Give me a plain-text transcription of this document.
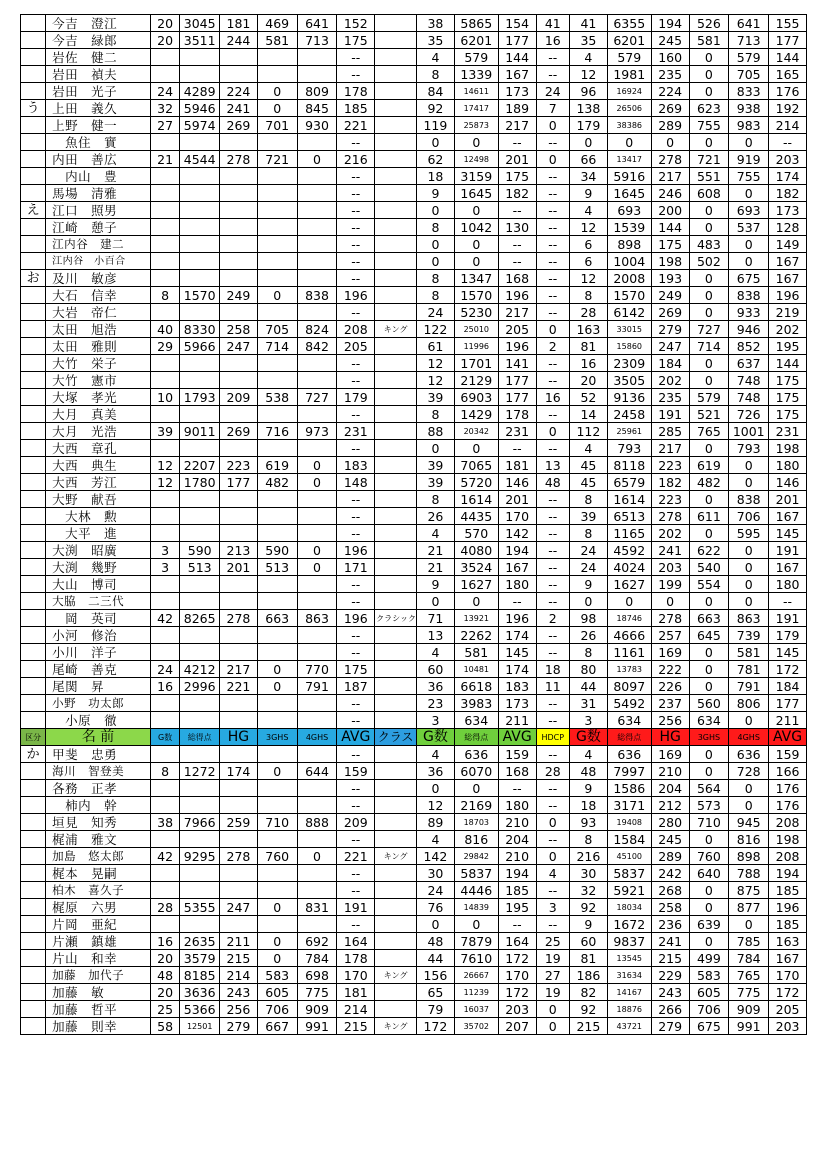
	今吉　澄江	20	3045	181	469	641	152		38	5865	154	41	41	6355	194	526	641	155
	今吉　緑郎	20	3511	244	581	713	175		35	6201	177	16	35	6201	245	581	713	177
	岩佐　健二						--		4	579	144	--	4	579	160	0	579	144
	岩田　禎夫						--		8	1339	167	--	12	1981	235	0	705	165
	岩田　光子	24	4289	224	0	809	178		84	14611	173	24	96	16924	224	0	833	176
う	上田　義久	32	5946	241	0	845	185		92	17417	189	7	138	26506	269	623	938	192
	上野　健一	27	5974	269	701	930	221		119	25873	217	0	179	38386	289	755	983	214
	　魚住　實						--		0	0	--	--	0	0	0	0	0	--
	内田　善広	21	4544	278	721	0	216		62	12498	201	0	66	13417	278	721	919	203
	　内山　豊						--		18	3159	175	--	34	5916	217	551	755	174
	馬場　清雅						--		9	1645	182	--	9	1645	246	608	0	182
え	江口　照男						--		0	0	--	--	4	693	200	0	693	173
	江崎　憩子						--		8	1042	130	--	12	1539	144	0	537	128
	江内谷　建二						--		0	0	--	--	6	898	175	483	0	149
	江内谷　小百合						--		0	0	--	--	6	1004	198	502	0	167
お	及川　敏彦						--		8	1347	168	--	12	2008	193	0	675	167
	大石　信幸	8	1570	249	0	838	196		8	1570	196	--	8	1570	249	0	838	196
	大岩　帝仁						--		24	5230	217	--	28	6142	269	0	933	219
	太田　旭浩	40	8330	258	705	824	208	キング	122	25010	205	0	163	33015	279	727	946	202
	太田　雅則	29	5966	247	714	842	205		61	11996	196	2	81	15860	247	714	852	195
	大竹　栄子						--		12	1701	141	--	16	2309	184	0	637	144
	大竹　憲市						--		12	2129	177	--	20	3505	202	0	748	175
	大塚　孝光	10	1793	209	538	727	179		39	6903	177	16	52	9136	235	579	748	175
	大月　真美						--		8	1429	178	--	14	2458	191	521	726	175
	大月　光浩	39	9011	269	716	973	231		88	20342	231	0	112	25961	285	765	1001	231
	大西　章孔						--		0	0	--	--	4	793	217	0	793	198
	大西　典生	12	2207	223	619	0	183		39	7065	181	13	45	8118	223	619	0	180
	大西　芳江	12	1780	177	482	0	148		39	5720	146	48	45	6579	182	482	0	146
	大野　献吾						--		8	1614	201	--	8	1614	223	0	838	201
	　大林　勲						--		26	4435	170	--	39	6513	278	611	706	167
	　大平　進						--		4	570	142	--	8	1165	202	0	595	145
	大渕　昭廣	3	590	213	590	0	196		21	4080	194	--	24	4592	241	622	0	191
	大渕　幾野	3	513	201	513	0	171		21	3524	167	--	24	4024	203	540	0	167
	大山　博司						--		9	1627	180	--	9	1627	199	554	0	180
	大脇　二三代						--		0	0	--	--	0	0	0	0	0	--
	　岡　英司	42	8265	278	663	863	196	クラシック	71	13921	196	2	98	18746	278	663	863	191
	小河　修治						--		13	2262	174	--	26	4666	257	645	739	179
	小川　洋子						--		4	581	145	--	8	1161	169	0	581	145
	尾崎　善克	24	4212	217	0	770	175		60	10481	174	18	80	13783	222	0	781	172
	尾関　昇	16	2996	221	0	791	187		36	6618	183	11	44	8097	226	0	791	184
	小野　功太郎						--		23	3983	173	--	31	5492	237	560	806	177
	　小原　徹						--		3	634	211	--	3	634	256	634	0	211
区分	名 前	G数	総得点	HG	3GHS	4GHS	AVG	クラス	G数	総得点	AVG	HDCP	G数	総得点	HG	3GHS	4GHS	AVG
か	甲斐　忠勇						--		4	636	159	--	4	636	169	0	636	159
	海川　智登美	8	1272	174	0	644	159		36	6070	168	28	48	7997	210	0	728	166
	各務　正孝						--		0	0	--	--	9	1586	204	564	0	176
	　柿内　幹						--		12	2169	180	--	18	3171	212	573	0	176
	垣見　知秀	38	7966	259	710	888	209		89	18703	210	0	93	19408	280	710	945	208
	梶浦　雅文						--		4	816	204	--	8	1584	245	0	816	198
	加島　悠太郎	42	9295	278	760	0	221	キング	142	29842	210	0	216	45100	289	760	898	208
	梶本　晃嗣						--		30	5837	194	4	30	5837	242	640	788	194
	柏木　喜久子						--		24	4446	185	--	32	5921	268	0	875	185
	梶原　六男	28	5355	247	0	831	191		76	14839	195	3	92	18034	258	0	877	196
	片岡　亜紀						--		0	0	--	--	9	1672	236	639	0	185
	片瀬　鎮雄	16	2635	211	0	692	164		48	7879	164	25	60	9837	241	0	785	163
	片山　和幸	20	3579	215	0	784	178		44	7610	172	19	81	13545	215	499	784	167
	加藤　加代子	48	8185	214	583	698	170	キング	156	26667	170	27	186	31634	229	583	765	170
	加藤　敏	20	3636	243	605	775	181		65	11239	172	19	82	14167	243	605	775	172
	加藤　哲平	25	5366	256	706	909	214		79	16037	203	0	92	18876	266	706	909	205
	加藤　則幸	58	12501	279	667	991	215	キング	172	35702	207	0	215	43721	279	675	991	203
